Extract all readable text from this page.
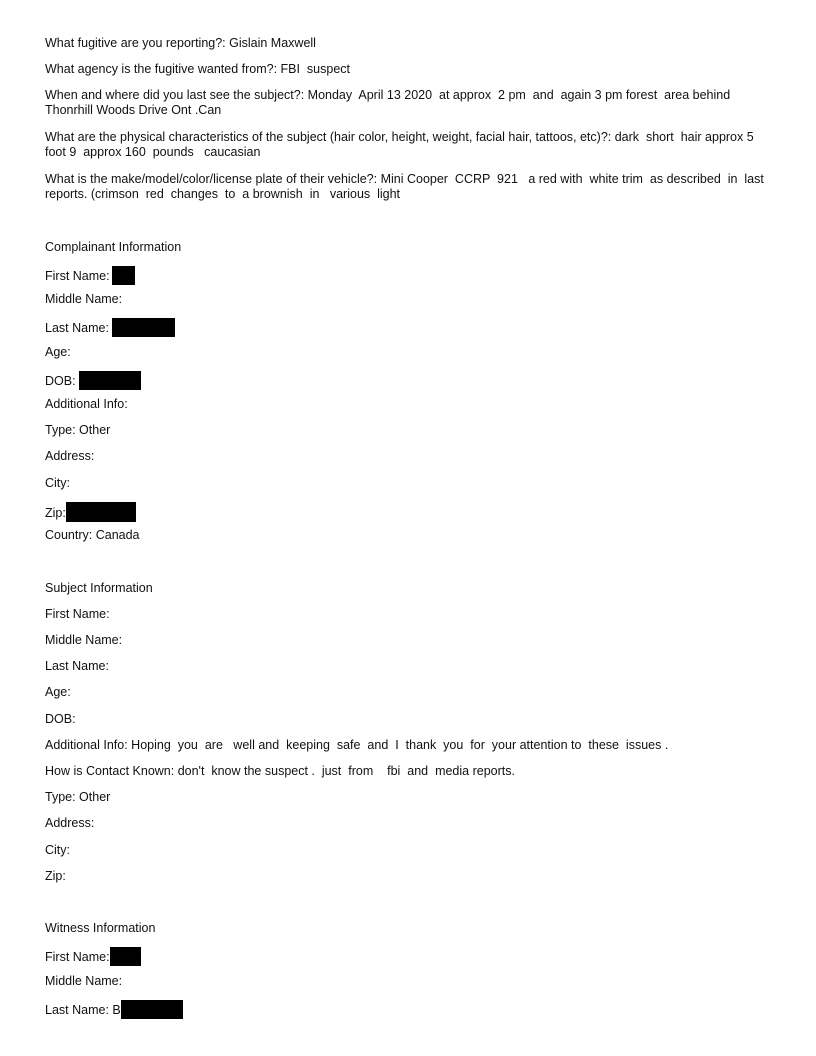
What fugitive are you reporting?: Gislain Maxwell
What agency is the fugitive wanted from?: FBI  suspect
When and where did you last see the subject?: Monday  April 13 2020  at approx  2 pm  and  again 3 pm forest  area behind Thonrhill Woods Drive Ont .Can
What are the physical characteristics of the subject (hair color, height, weight, facial hair, tattoos, etc)?: dark  short  hair approx 5 foot 9  approx 160  pounds   caucasian
What is the make/model/color/license plate of their vehicle?: Mini Cooper  CCRP  921   a red with  white trim  as described  in  last  reports. (crimson  red  changes  to  a brownish  in   various  light
Complainant Information
First Name:
Middle Name:
Last Name:
Age:
DOB:
Additional Info:
Type: Other
Address:
City:
Zip:
Country: Canada
Subject Information
First Name:
Middle Name:
Last Name:
Age:
DOB:
Additional Info: Hoping  you  are   well and  keeping  safe  and  I  thank  you  for  your attention to  these  issues .
How is Contact Known: don't  know the suspect .  just  from    fbi  and  media reports.
Type: Other
Address:
City:
Zip:
Witness Information
First Name:
Middle Name:
Last Name: B
